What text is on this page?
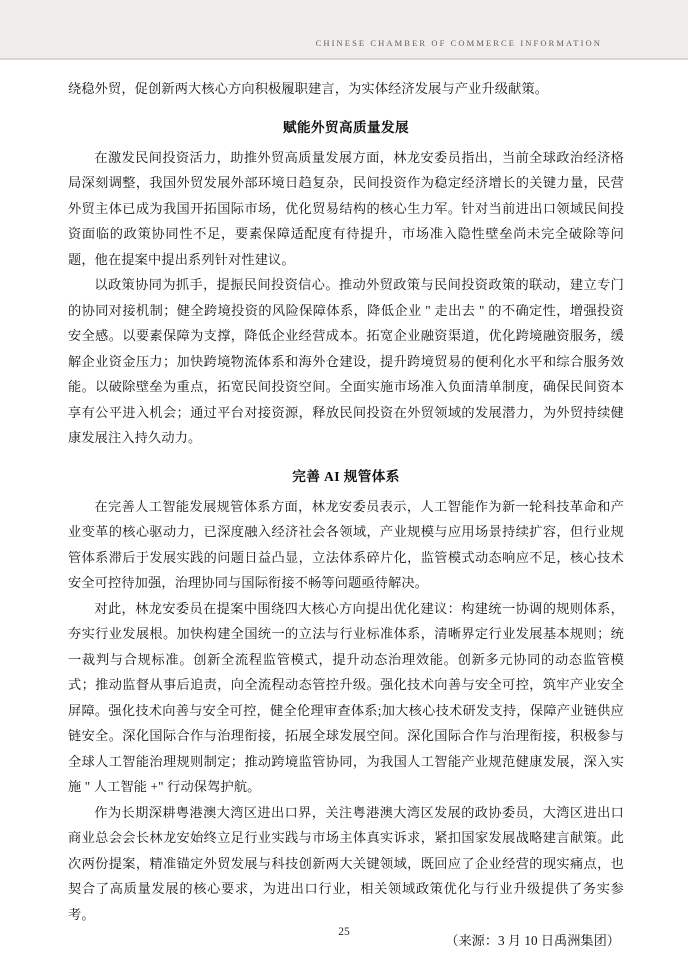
CHINESE CHAMBER OF COMMERCE INFORMATION

绕稳外贸，促创新两大核心方向积极履职建言，为实体经济发展与产业升级献策。

赋能外贸高质量发展

在激发民间投资活力，助推外贸高质量发展方面，林龙安委员指出，当前全球政治经济格局深刻调整，我国外贸发展外部环境日趋复杂，民间投资作为稳定经济增长的关键力量，民营外贸主体已成为我国开拓国际市场，优化贸易结构的核心生力军。针对当前进出口领域民间投资面临的政策协同性不足，要素保障适配度有待提升，市场准入隐性壁垒尚未完全破除等问题，他在提案中提出系列针对性建议。

以政策协同为抓手，提振民间投资信心。推动外贸政策与民间投资政策的联动，建立专门的协同对接机制；健全跨境投资的风险保障体系，降低企业 " 走出去 " 的不确定性，增强投资安全感。以要素保障为支撑，降低企业经营成本。拓宽企业融资渠道，优化跨境融资服务，缓解企业资金压力；加快跨境物流体系和海外仓建设，提升跨境贸易的便利化水平和综合服务效能。以破除壁垒为重点，拓宽民间投资空间。全面实施市场准入负面清单制度，确保民间资本享有公平进入机会；通过平台对接资源，释放民间投资在外贸领域的发展潜力，为外贸持续健康发展注入持久动力。

完善 AI 规管体系

在完善人工智能发展规管体系方面，林龙安委员表示，人工智能作为新一轮科技革命和产业变革的核心驱动力，已深度融入经济社会各领域，产业规模与应用场景持续扩容，但行业规管体系滞后于发展实践的问题日益凸显，立法体系碎片化，监管模式动态响应不足，核心技术安全可控待加强，治理协同与国际衔接不畅等问题亟待解决。

对此，林龙安委员在提案中围绕四大核心方向提出优化建议：构建统一协调的规则体系，夯实行业发展根。加快构建全国统一的立法与行业标准体系，清晰界定行业发展基本规则；统一裁判与合规标准。创新全流程监管模式，提升动态治理效能。创新多元协同的动态监管模式；推动监督从事后追责，向全流程动态管控升级。强化技术向善与安全可控，筑牢产业安全屏障。强化技术向善与安全可控，健全伦理审查体系;加大核心技术研发支持，保障产业链供应链安全。深化国际合作与治理衔接，拓展全球发展空间。深化国际合作与治理衔接，积极参与全球人工智能治理规则制定；推动跨境监管协同，为我国人工智能产业规范健康发展，深入实施 " 人工智能 +" 行动保驾护航。

作为长期深耕粤港澳大湾区进出口界，关注粤港澳大湾区发展的政协委员，大湾区进出口商业总会会长林龙安始终立足行业实践与市场主体真实诉求，紧扣国家发展战略建言献策。此次两份提案，精准锚定外贸发展与科技创新两大关键领域，既回应了企业经营的现实痛点，也契合了高质量发展的核心要求，为进出口行业，相关领域政策优化与行业升级提供了务实参考。

（来源：3 月 10 日禹洲集团）
25
